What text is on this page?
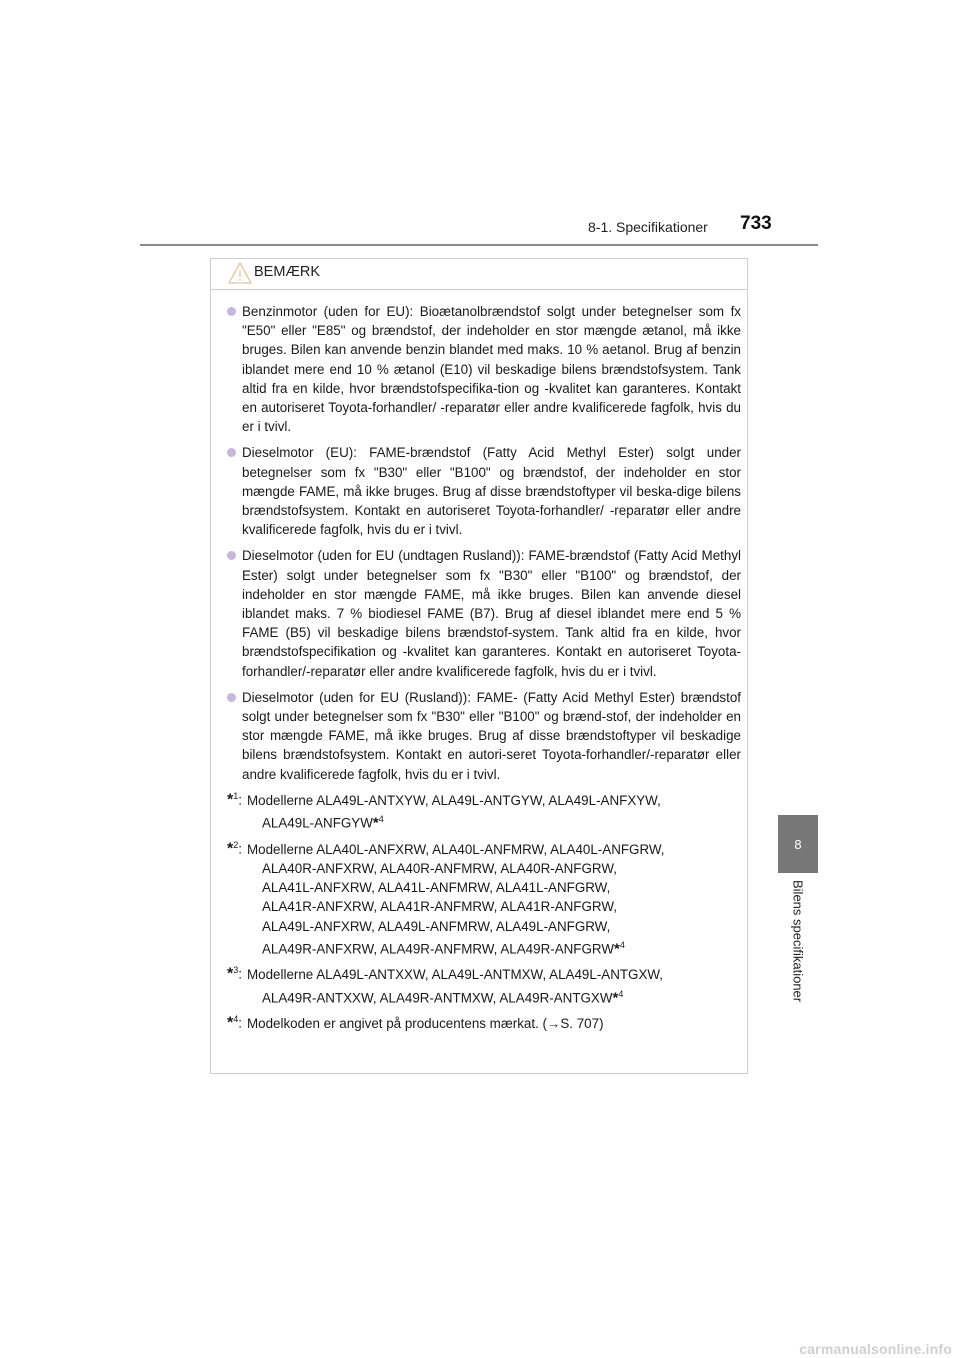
8-1. Specifikationer 733
8
Bilens specifikationer
BEMÆRK
Benzinmotor (uden for EU): Bioætanolbrændstof solgt under betegnelser som fx "E50" eller "E85" og brændstof, der indeholder en stor mængde ætanol, må ikke bruges. Bilen kan anvende benzin blandet med maks. 10 % aetanol. Brug af benzin iblandet mere end 10 % ætanol (E10) vil beskadige bilens brændstofsystem. Tank altid fra en kilde, hvor brændstofspecifika-tion og -kvalitet kan garanteres. Kontakt en autoriseret Toyota-forhandler/ -reparatør eller andre kvalificerede fagfolk, hvis du er i tvivl.
Dieselmotor (EU): FAME-brændstof (Fatty Acid Methyl Ester) solgt under betegnelser som fx "B30" eller "B100" og brændstof, der indeholder en stor mængde FAME, må ikke bruges. Brug af disse brændstoftyper vil beska-dige bilens brændstofsystem. Kontakt en autoriseret Toyota-forhandler/ -reparatør eller andre kvalificerede fagfolk, hvis du er i tvivl.
Dieselmotor (uden for EU (undtagen Rusland)): FAME-brændstof (Fatty Acid Methyl Ester) solgt under betegnelser som fx "B30" eller "B100" og brændstof, der indeholder en stor mængde FAME, må ikke bruges. Bilen kan anvende diesel iblandet maks. 7 % biodiesel FAME (B7). Brug af diesel iblandet mere end 5 % FAME (B5) vil beskadige bilens brændstof-system. Tank altid fra en kilde, hvor brændstofspecifikation og -kvalitet kan garanteres. Kontakt en autoriseret Toyota-forhandler/-reparatør eller andre kvalificerede fagfolk, hvis du er i tvivl.
Dieselmotor (uden for EU (Rusland)): FAME- (Fatty Acid Methyl Ester) brændstof solgt under betegnelser som fx "B30" eller "B100" og brænd-stof, der indeholder en stor mængde FAME, må ikke bruges. Brug af disse brændstoftyper vil beskadige bilens brændstofsystem. Kontakt en autori-seret Toyota-forhandler/-reparatør eller andre kvalificerede fagfolk, hvis du er i tvivl.
*$^1$: Modellerne ALA49L-ANTXYW, ALA49L-ANTGYW, ALA49L-ANFXYW,
ALA49L-ANFGYW*$^4$
*$^2$: Modellerne ALA40L-ANFXRW, ALA40L-ANFMRW, ALA40L-ANFGRW,
ALA40R-ANFXRW, ALA40R-ANFMRW, ALA40R-ANFGRW,
ALA41L-ANFXRW, ALA41L-ANFMRW, ALA41L-ANFGRW,
ALA41R-ANFXRW, ALA41R-ANFMRW, ALA41R-ANFGRW,
ALA49L-ANFXRW, ALA49L-ANFMRW, ALA49L-ANFGRW,
ALA49R-ANFXRW, ALA49R-ANFMRW, ALA49R-ANFGRW*$^4$
*$^3$: Modellerne ALA49L-ANTXXW, ALA49L-ANTMXW, ALA49L-ANTGXW,
ALA49R-ANTXXW, ALA49R-ANTMXW, ALA49R-ANTGXW*$^4$
*$^4$: Modelkoden er angivet på producentens mærkat. (→S. 707)
carmanualsonline.info
